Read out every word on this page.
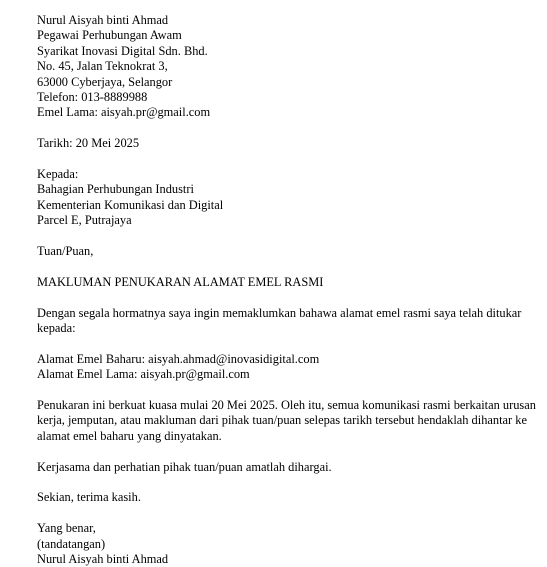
Nurul Aisyah binti Ahmad
Pegawai Perhubungan Awam
Syarikat Inovasi Digital Sdn. Bhd.
No. 45, Jalan Teknokrat 3,
63000 Cyberjaya, Selangor
Telefon: 013-8889988
Emel Lama: aisyah.pr@gmail.com
Tarikh: 20 Mei 2025
Kepada:
Bahagian Perhubungan Industri
Kementerian Komunikasi dan Digital
Parcel E, Putrajaya
Tuan/Puan,
MAKLUMAN PENUKARAN ALAMAT EMEL RASMI
Dengan segala hormatnya saya ingin memaklumkan bahawa alamat emel rasmi saya telah ditukar kepada:
Alamat Emel Baharu: aisyah.ahmad@inovasidigital.com
Alamat Emel Lama: aisyah.pr@gmail.com
Penukaran ini berkuat kuasa mulai 20 Mei 2025. Oleh itu, semua komunikasi rasmi berkaitan urusan kerja, jemputan, atau makluman dari pihak tuan/puan selepas tarikh tersebut hendaklah dihantar ke alamat emel baharu yang dinyatakan.
Kerjasama dan perhatian pihak tuan/puan amatlah dihargai.
Sekian, terima kasih.
Yang benar,
(tandatangan)
Nurul Aisyah binti Ahmad
